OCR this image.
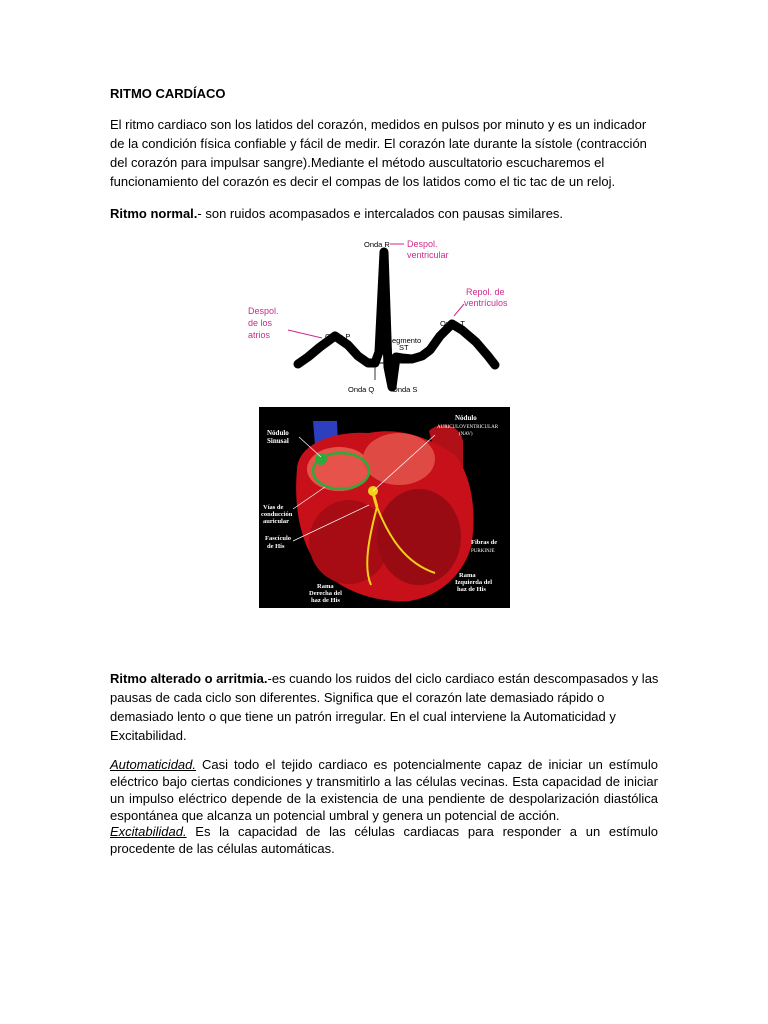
RITMO CARDÍACO
El ritmo cardiaco son los latidos del corazón, medidos en pulsos por minuto y es un indicador de la condición física confiable y fácil de medir. El corazón late durante la sístole (contracción del corazón para impulsar sangre).Mediante el método auscultatorio escucharemos el funcionamiento del corazón es decir el compas de los latidos como el tic tac de un reloj.
Ritmo normal.- son ruidos acompasados e intercalados con pausas similares.
Onda R Despol.
ventricular
Repol. de
ventrículos
Despol.
de los
atrios	Onda P	Segmento
ST
Onda T
Onda Q Onda S
Nódulo
Sinusal
Nódulo
AURICULOVENTRICULAR
(NAV)
Vías de
conducción
auricular
Fascículo
de His
Fibras de
PURKINJE
Rama
Derecha del
haz de His
Rama
Izquierda del
haz de His
Ritmo alterado o arritmia.-es cuando los ruidos del ciclo cardiaco están descompasados y las pausas de cada ciclo son diferentes. Significa que el corazón late demasiado rápido o demasiado lento o que tiene un patrón irregular. En el cual interviene la Automaticidad y Excitabilidad.
Automaticidad. Casi todo el tejido cardiaco es potencialmente capaz de iniciar un estímulo eléctrico bajo ciertas condiciones y transmitirlo a las células vecinas. Esta capacidad de iniciar un impulso eléctrico depende de la existencia de una pendiente de despolarización diastólica espontánea que alcanza un potencial umbral y genera un potencial de acción.
Excitabilidad. Es la capacidad de las células cardiacas para responder a un estímulo procedente de las células automáticas.
